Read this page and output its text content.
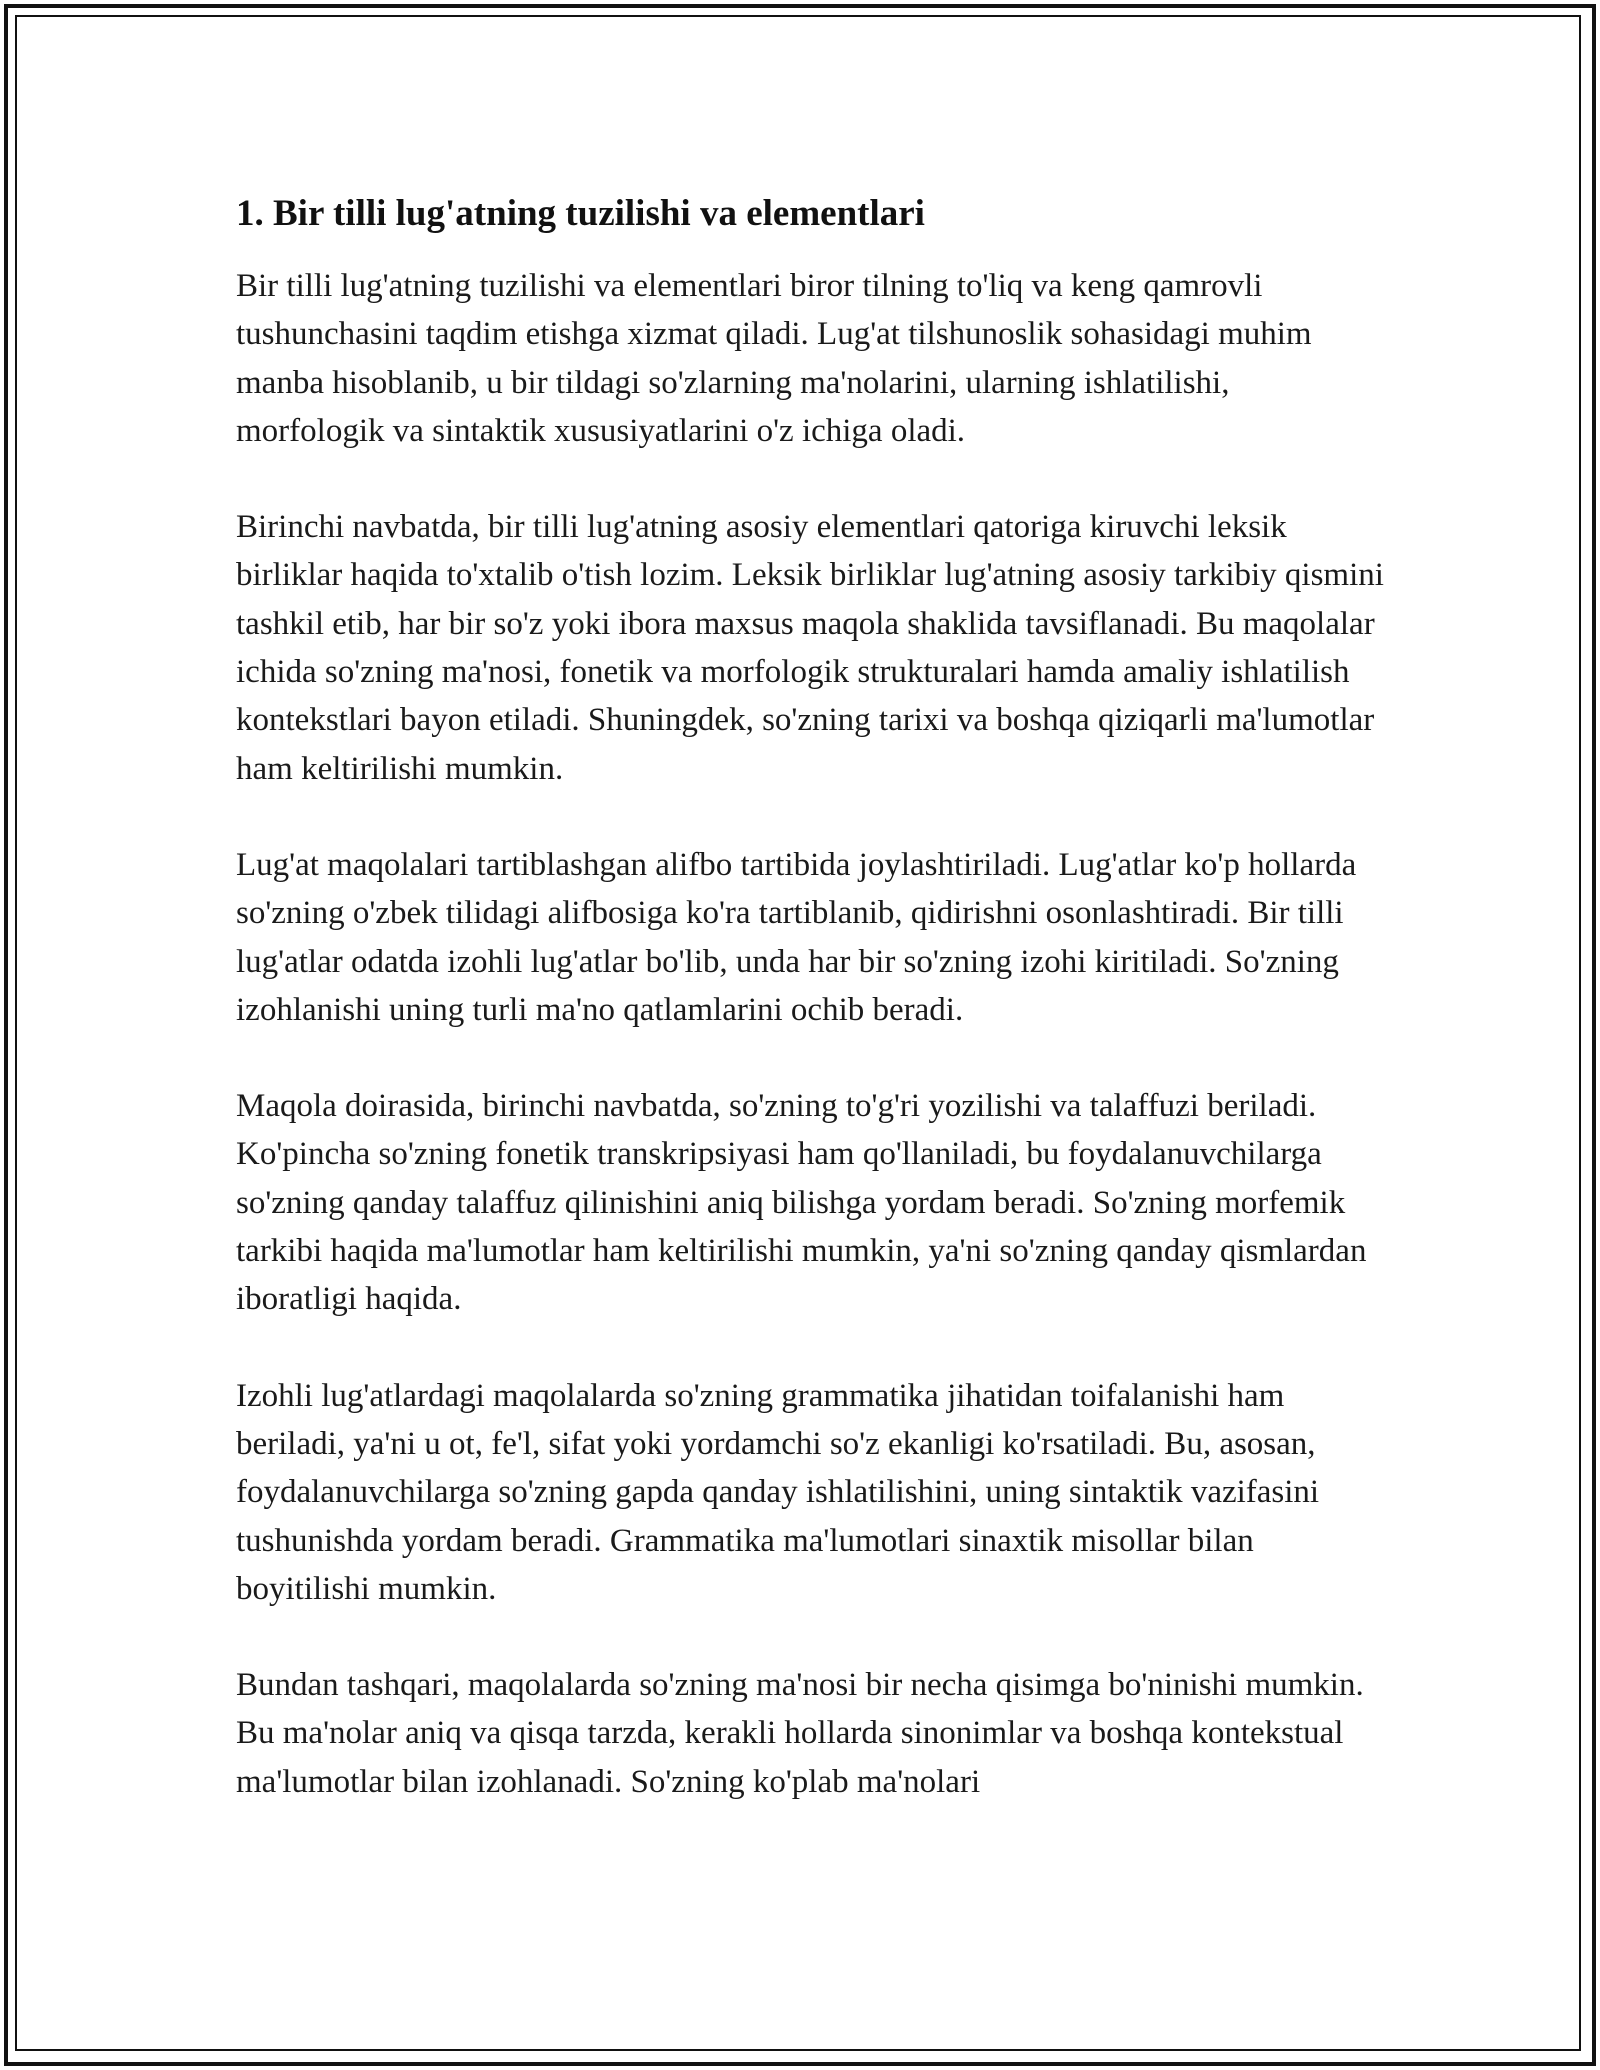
1. Bir tilli lug'atning tuzilishi va elementlari

Bir tilli lug'atning tuzilishi va elementlari biror tilning to'liq va keng qamrovli tushunchasini taqdim etishga xizmat qiladi. Lug'at tilshunoslik sohasidagi muhim manba hisoblanib, u bir tildagi so'zlarning ma'nolarini, ularning ishlatilishi, morfologik va sintaktik xususiyatlarini o'z ichiga oladi.

Birinchi navbatda, bir tilli lug'atning asosiy elementlari qatoriga kiruvchi leksik birliklar haqida to'xtalib o'tish lozim. Leksik birliklar lug'atning asosiy tarkibiy qismini tashkil etib, har bir so'z yoki ibora maxsus maqola shaklida tavsiflanadi. Bu maqolalar ichida so'zning ma'nosi, fonetik va morfologik strukturalari hamda amaliy ishlatilish kontekstlari bayon etiladi. Shuningdek, so'zning tarixi va boshqa qiziqarli ma'lumotlar ham keltirilishi mumkin.

Lug'at maqolalari tartiblashgan alifbo tartibida joylashtiriladi. Lug'atlar ko'p hollarda so'zning o'zbek tilidagi alifbosiga ko'ra tartiblanib, qidirishni osonlashtiradi. Bir tilli lug'atlar odatda izohli lug'atlar bo'lib, unda har bir so'zning izohi kiritiladi. So'zning izohlanishi uning turli ma'no qatlamlarini ochib beradi.

Maqola doirasida, birinchi navbatda, so'zning to'g'ri yozilishi va talaffuzi beriladi. Ko'pincha so'zning fonetik transkripsiyasi ham qo'llaniladi, bu foydalanuvchilarga so'zning qanday talaffuz qilinishini aniq bilishga yordam beradi. So'zning morfemik tarkibi haqida ma'lumotlar ham keltirilishi mumkin, ya'ni so'zning qanday qismlardan iboratligi haqida.

Izohli lug'atlardagi maqolalarda so'zning grammatika jihatidan toifalanishi ham beriladi, ya'ni u ot, fe'l, sifat yoki yordamchi so'z ekanligi ko'rsatiladi. Bu, asosan, foydalanuvchilarga so'zning gapda qanday ishlatilishini, uning sintaktik vazifasini tushunishda yordam beradi. Grammatika ma'lumotlari sinaxtik misollar bilan boyitilishi mumkin.

Bundan tashqari, maqolalarda so'zning ma'nosi bir necha qisimga bo'ninishi mumkin. Bu ma'nolar aniq va qisqa tarzda, kerakli hollarda sinonimlar va boshqa kontekstual ma'lumotlar bilan izohlanadi. So'zning ko'plab ma'nolari
